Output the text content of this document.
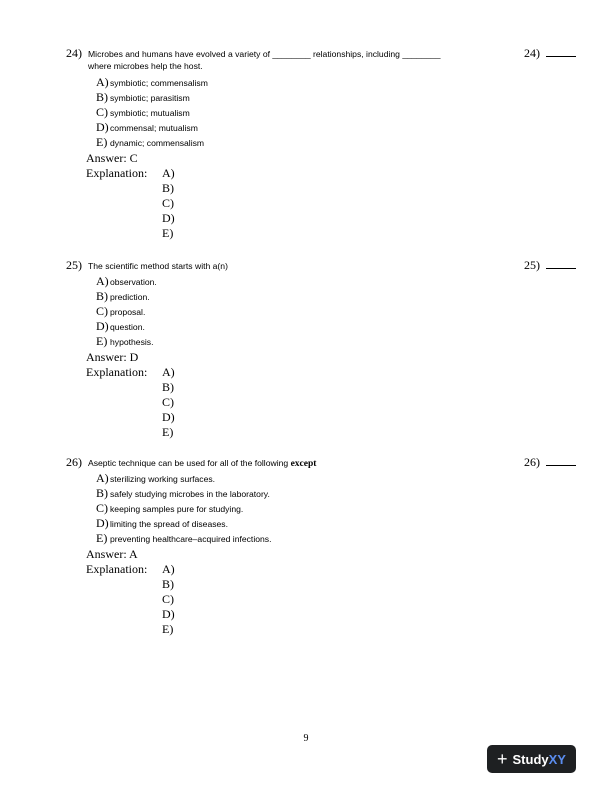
24) Microbes and humans have evolved a variety of ________ relationships, including ________
where microbes help the host.
24)
A)symbiotic; commensalism
B) symbiotic; parasitism
C) symbiotic; mutualism
D)commensal; mutualism
E) dynamic; commensalism
Answer: C
Explanation: A)
B)
C)
D)
E)
25) The scientific method starts with a(n)	25)
A)observation.
B) prediction.
C) proposal.
D)question.
E) hypothesis.
Answer: D
Explanation: A)
B)
C)
D)
E)
26) Aseptic technique can be used for all of the following except	26)
A)sterilizing working surfaces.
B) safely studying microbes in the laboratory.
C) keeping samples pure for studying.
D)limiting the spread of diseases.
E) preventing healthcare–acquired infections.
Answer: A
Explanation: A)
B)
C)
D)
E)
9
+ Study XY
